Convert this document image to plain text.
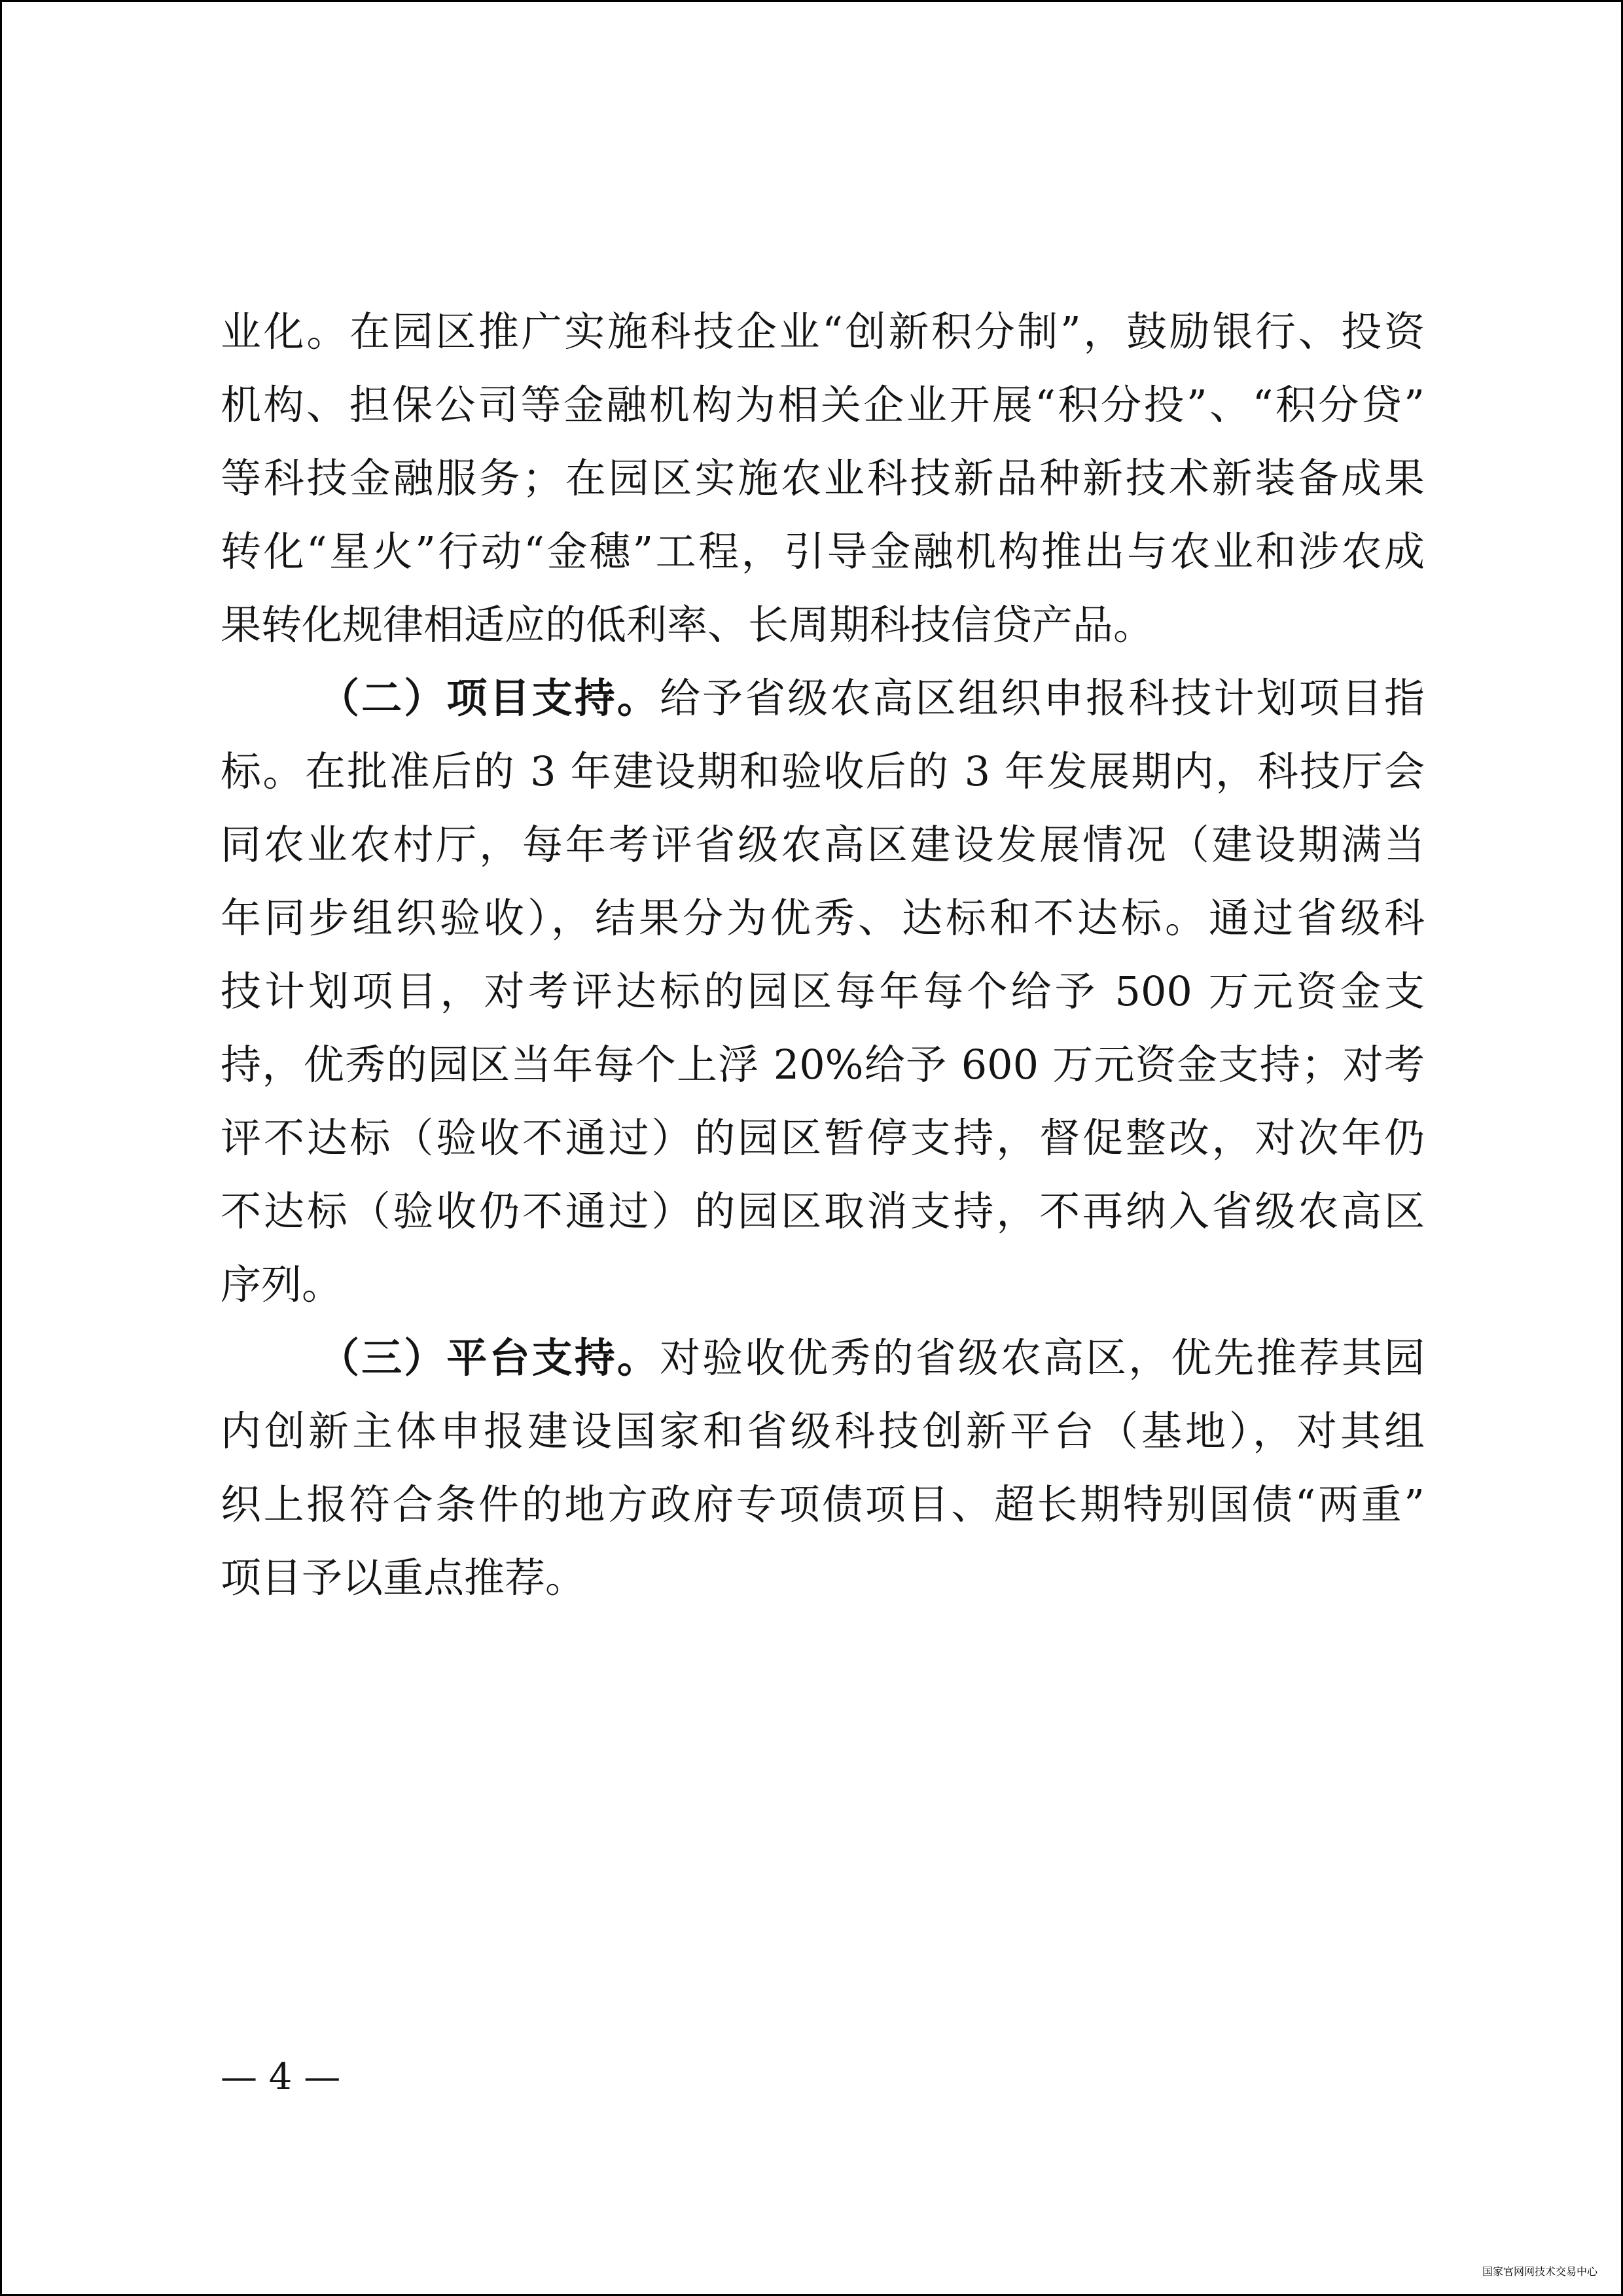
业化。在园区推广实施科技企业“创新积分制”，鼓励银行、投资
机构、担保公司等金融机构为相关企业开展“积分投”、“积分贷”
等科技金融服务；在园区实施农业科技新品种新技术新装备成果
转化“星火”行动“金穗”工程，引导金融机构推出与农业和涉农成
果转化规律相适应的低利率、长周期科技信贷产品。
（二）项目支持。给予省级农高区组织申报科技计划项目指
标。在批准后的 3 年建设期和验收后的 3 年发展期内，科技厅会
同农业农村厅，每年考评省级农高区建设发展情况（建设期满当
年同步组织验收），结果分为优秀、达标和不达标。通过省级科
技计划项目，对考评达标的园区每年每个给予 500 万元资金支
持，优秀的园区当年每个上浮 20%给予 600 万元资金支持；对考
评不达标（验收不通过）的园区暂停支持，督促整改，对次年仍
不达标（验收仍不通过）的园区取消支持，不再纳入省级农高区
序列。
（三）平台支持。对验收优秀的省级农高区，优先推荐其园
内创新主体申报建设国家和省级科技创新平台（基地），对其组
织上报符合条件的地方政府专项债项目、超长期特别国债“两重”
项目予以重点推荐。
— 4 —
国家官网网技术交易中心
